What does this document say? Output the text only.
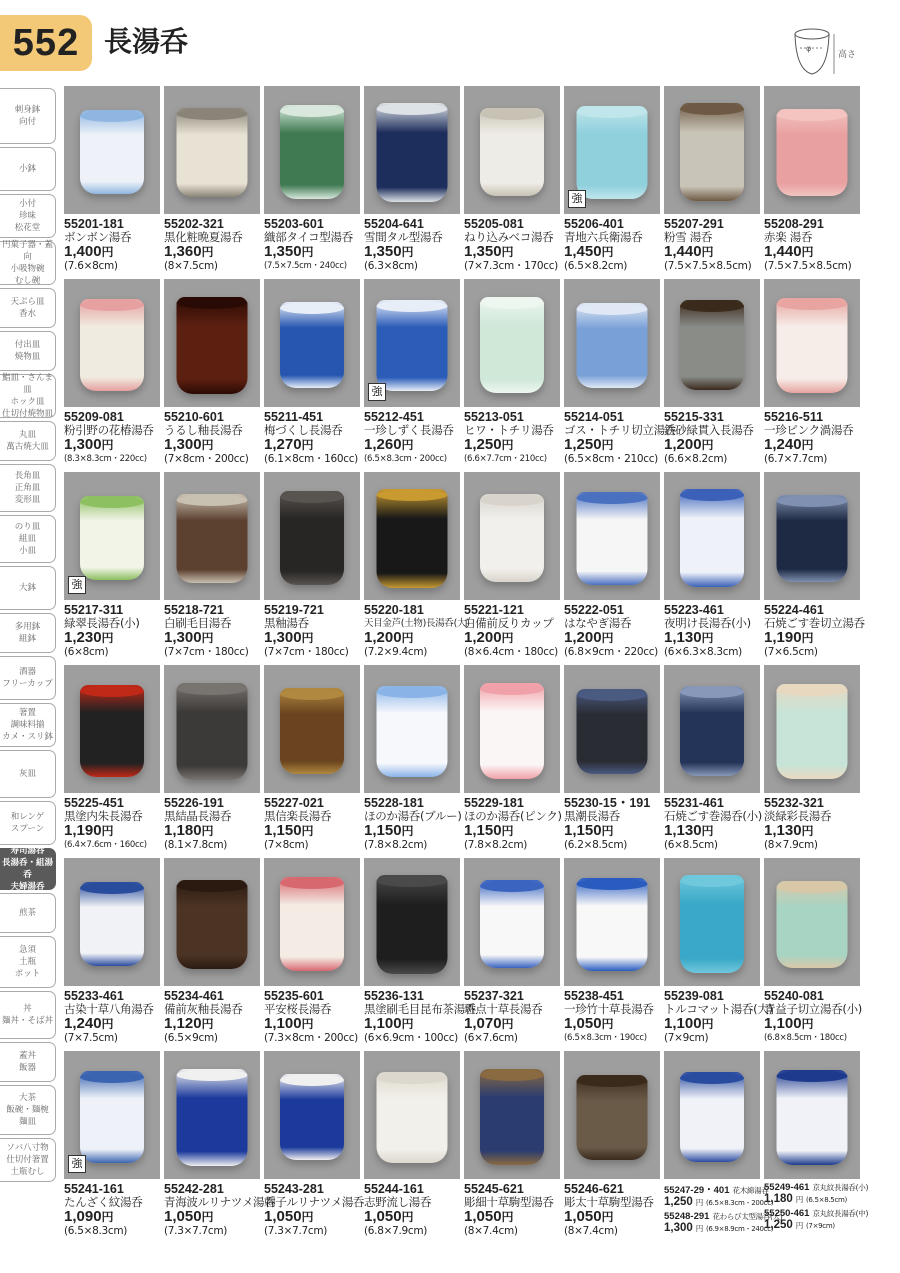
552 長湯呑	φ
高さ
刺身鉢
向付
小鉢
小付
珍味
松花堂
円菓子器・蓋向
小吸物碗
むし碗
天ぷら皿
香水
付出皿
焼物皿
鮨皿・さんま皿
ホック皿
仕切付焼物皿
丸皿
萬古焼大皿
長角皿
正角皿
変形皿
のり皿
組皿
小皿
大鉢
多用鉢
組鉢
酒器
フリーカップ
箸置
調味料揃
カメ・スリ鉢
灰皿
和レンゲ
スプーン
寿司湯呑
長湯呑・組湯呑
夫婦湯呑
煎茶
急須
土瓶
ポット
丼
麺丼・そば丼
蓋丼
飯器
大茶
飯碗・麺椀
麺皿
ソバ八寸物
仕切付箸置
土瓶むし
55201-181
ボンボン湯呑
1,400円
(7.6×8cm)
55202-321
黒化粧晩夏湯呑
1,360円
(8×7.5cm)
55203-601
織部タイコ型湯呑
1,350円
(7.5×7.5cm・240cc)
55204-641
雪間タル型湯呑
1,350円
(6.3×8cm)
55205-081
ねり込みベコ湯呑
1,350円
(7×7.3cm・170cc)
強
55206-401
青地六兵衛湯呑
1,450円
(6.5×8.2cm)
55207-291
粉雪 湯呑
1,440円
(7.5×7.5×8.5cm)
55208-291
赤楽 湯呑
1,440円
(7.5×7.5×8.5cm)
55209-081
粉引野の花椿湯呑
1,300円
(8.3×8.3cm・220cc)
55210-601
うるし釉長湯呑
1,300円
(7×8cm・200cc)
55211-451
梅づくし長湯呑
1,270円
(6.1×8cm・160cc)
強
55212-451
一珍しずく長湯呑
1,260円
(6.5×8.3cm・200cc)
55213-051
ヒワ・トチリ湯呑
1,250円
(6.6×7.7cm・210cc)
55214-051
ゴス・トチリ切立湯呑
1,250円
(6.5×8cm・210cc)
55215-331
鉄砂緑貫入長湯呑
1,200円
(6.6×8.2cm)
55216-511
一珍ピンク渦湯呑
1,240円
(6.7×7.7cm)
強
55217-311
緑翠長湯呑(小)
1,230円
(6×8cm)
55218-721
白刷毛目湯呑
1,300円
(7×7cm・180cc)
55219-721
黒釉湯呑
1,300円
(7×7cm・180cc)
55220-181
天目金芦(土物)長湯呑(大)
1,200円
(7.2×9.4cm)
55221-121
白備前反りカップ
1,200円
(8×6.4cm・180cc)
55222-051
はなやぎ湯呑
1,200円
(6.8×9cm・220cc)
55223-461
夜明け長湯呑(小)
1,130円
(6×6.3×8.3cm)
55224-461
石焼ごす巻切立湯呑
1,190円
(7×6.5cm)
55225-451
黒塗内朱長湯呑
1,190円
(6.4×7.6cm・160cc)
55226-191
黒結晶長湯呑
1,180円
(8.1×7.8cm)
55227-021
黒信楽長湯呑
1,150円
(7×8cm)
55228-181
ほのか湯呑(ブルー)
1,150円
(7.8×8.2cm)
55229-181
ほのか湯呑(ピンク)
1,150円
(7.8×8.2cm)
55230-15・191
黒潮長湯呑
1,150円
(6.2×8.5cm)
55231-461
石焼ごす巻湯呑(小)
1,130円
(6×8.5cm)
55232-321
淡緑彩長湯呑
1,130円
(8×7.9cm)
55233-461
古染十草八角湯呑
1,240円
(7×7.5cm)
55234-461
備前灰釉長湯呑
1,120円
(6.5×9cm)
55235-601
平安桜長湯呑
1,100円
(7.3×8cm・200cc)
55236-131
黒塗刷毛目昆布茶湯呑
1,100円
(6×6.9cm・100cc)
55237-321
斑点十草長湯呑
1,070円
(6×7.6cm)
55238-451
一珍竹十草長湯呑
1,050円
(6.5×8.3cm・190cc)
55239-081
トルコマット湯呑(大)
1,100円
(7×9cm)
55240-081
青益子切立湯呑(小)
1,100円
(6.8×8.5cm・180cc)
強
55241-161
たんざく紋湯呑
1,090円
(6.5×8.3cm)
55242-281
青海波ルリナツメ湯呑
1,050円
(7.3×7.7cm)
55243-281
刺子ルリナツメ湯呑
1,050円
(7.3×7.7cm)
55244-161
志野流し湯呑
1,050円
(6.8×7.9cm)
55245-621
彫細十草駒型湯呑
1,050円
(8×7.4cm)
55246-621
彫太十草駒型湯呑
1,050円
(8×7.4cm)
55247-29・401 花木綿湯呑
1,250 円 (6.5×8.3cm・200cc)
55248-291 花わらび太型湯呑(大)
1,300 円 (6.9×8.9cm・240cc)
55249-461 京丸紋長湯呑(小)
1,180 円 (6.5×8.5cm)
55250-461 京丸紋長湯呑(中)
1,250 円 (7×9cm)
